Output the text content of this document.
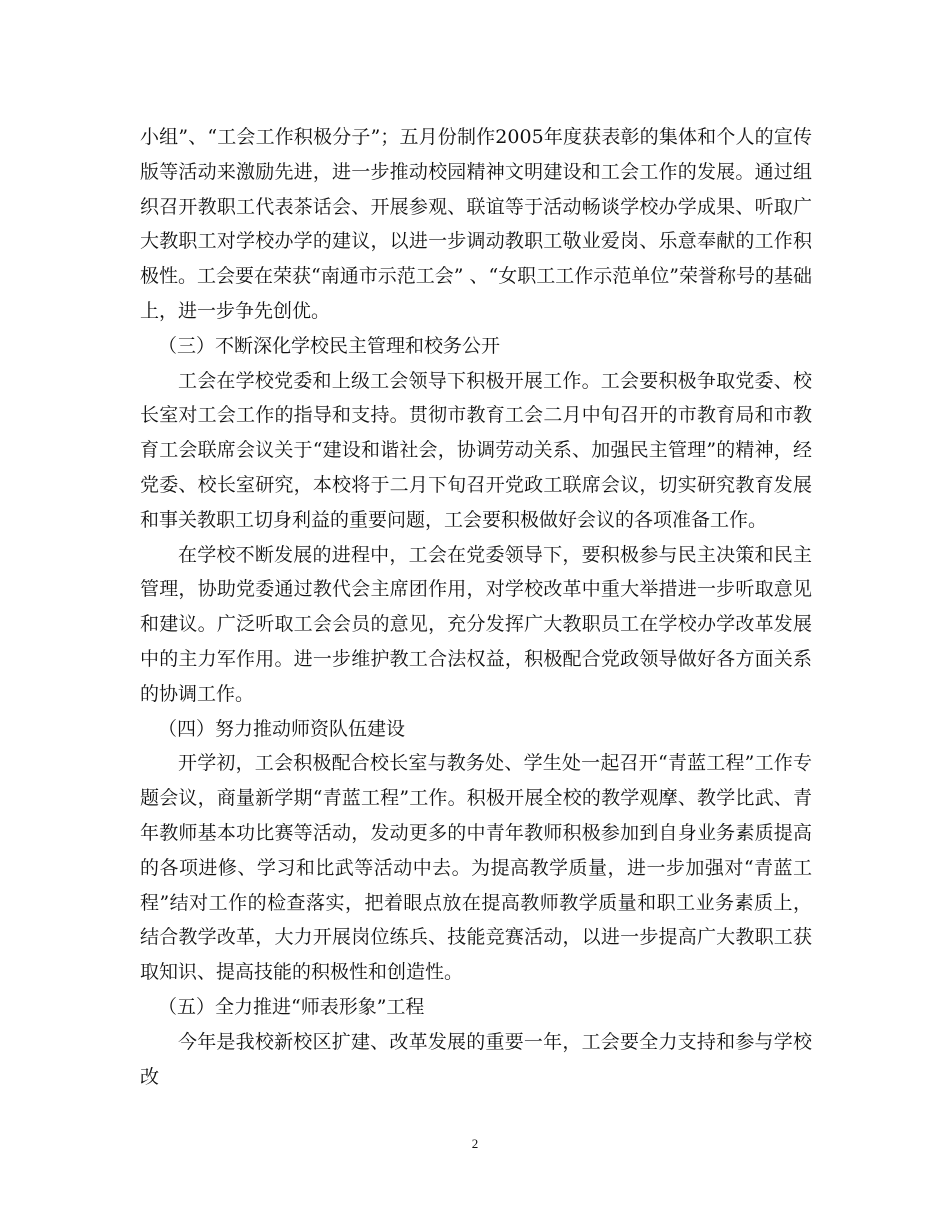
小组”、“工会工作积极分子”；五月份制作2005年度获表彰的集体和个人的宣传版等活动来激励先进，进一步推动校园精神文明建设和工会工作的发展。通过组织召开教职工代表茶话会、开展参观、联谊等于活动畅谈学校办学成果、听取广大教职工对学校办学的建议，以进一步调动教职工敬业爱岗、乐意奉献的工作积极性。工会要在荣获“南通市示范工会” 、“女职工工作示范单位”荣誉称号的基础上，进一步争先创优。

（三）不断深化学校民主管理和校务公开

工会在学校党委和上级工会领导下积极开展工作。工会要积极争取党委、校长室对工会工作的指导和支持。贯彻市教育工会二月中旬召开的市教育局和市教育工会联席会议关于“建设和谐社会，协调劳动关系、加强民主管理”的精神，经党委、校长室研究，本校将于二月下旬召开党政工联席会议，切实研究教育发展和事关教职工切身利益的重要问题，工会要积极做好会议的各项准备工作。

在学校不断发展的进程中，工会在党委领导下，要积极参与民主决策和民主管理，协助党委通过教代会主席团作用，对学校改革中重大举措进一步听取意见和建议。广泛听取工会会员的意见，充分发挥广大教职员工在学校办学改革发展中的主力军作用。进一步维护教工合法权益，积极配合党政领导做好各方面关系的协调工作。

（四）努力推动师资队伍建设

开学初，工会积极配合校长室与教务处、学生处一起召开“青蓝工程”工作专题会议，商量新学期“青蓝工程”工作。积极开展全校的教学观摩、教学比武、青年教师基本功比赛等活动，发动更多的中青年教师积极参加到自身业务素质提高的各项进修、学习和比武等活动中去。为提高教学质量，进一步加强对“青蓝工程”结对工作的检查落实，把着眼点放在提高教师教学质量和职工业务素质上，结合教学改革，大力开展岗位练兵、技能竞赛活动，以进一步提高广大教职工获取知识、提高技能的积极性和创造性。

（五）全力推进“师表形象”工程

今年是我校新校区扩建、改革发展的重要一年，工会要全力支持和参与学校改

2
